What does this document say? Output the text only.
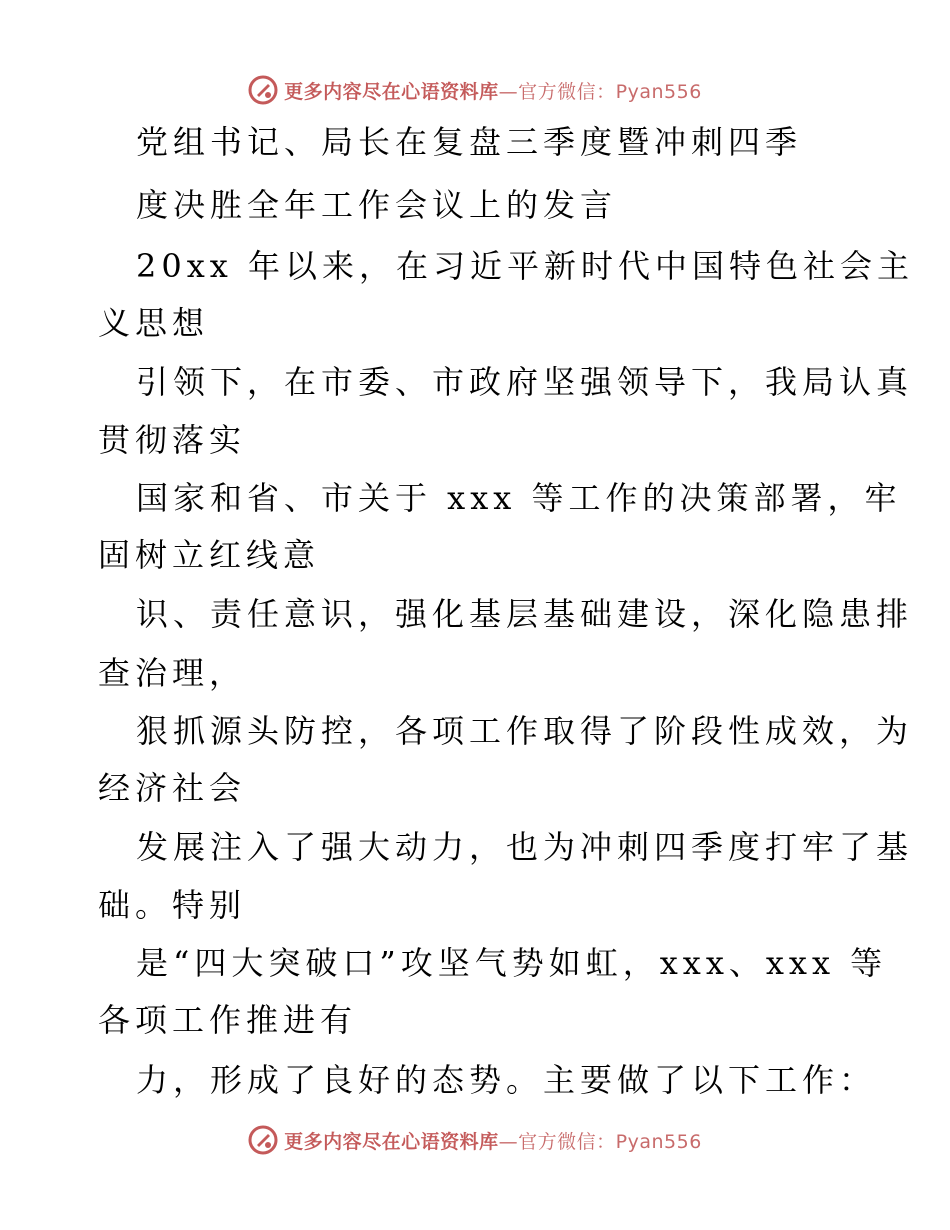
更多内容尽在心语资料库—官方微信：Pyan556
党组书记、局长在复盘三季度暨冲刺四季
度决胜全年工作会议上的发言
20xx 年以来，在习近平新时代中国特色社会主
义思想
引领下，在市委、市政府坚强领导下，我局认真
贯彻落实
国家和省、市关于 xxx 等工作的决策部署，牢
固树立红线意
识、责任意识，强化基层基础建设，深化隐患排
查治理，
狠抓源头防控，各项工作取得了阶段性成效，为
经济社会
发展注入了强大动力，也为冲刺四季度打牢了基
础。特别
是“四大突破口”攻坚气势如虹，xxx、xxx 等
各项工作推进有
力，形成了良好的态势。主要做了以下工作：
更多内容尽在心语资料库—官方微信：Pyan556
